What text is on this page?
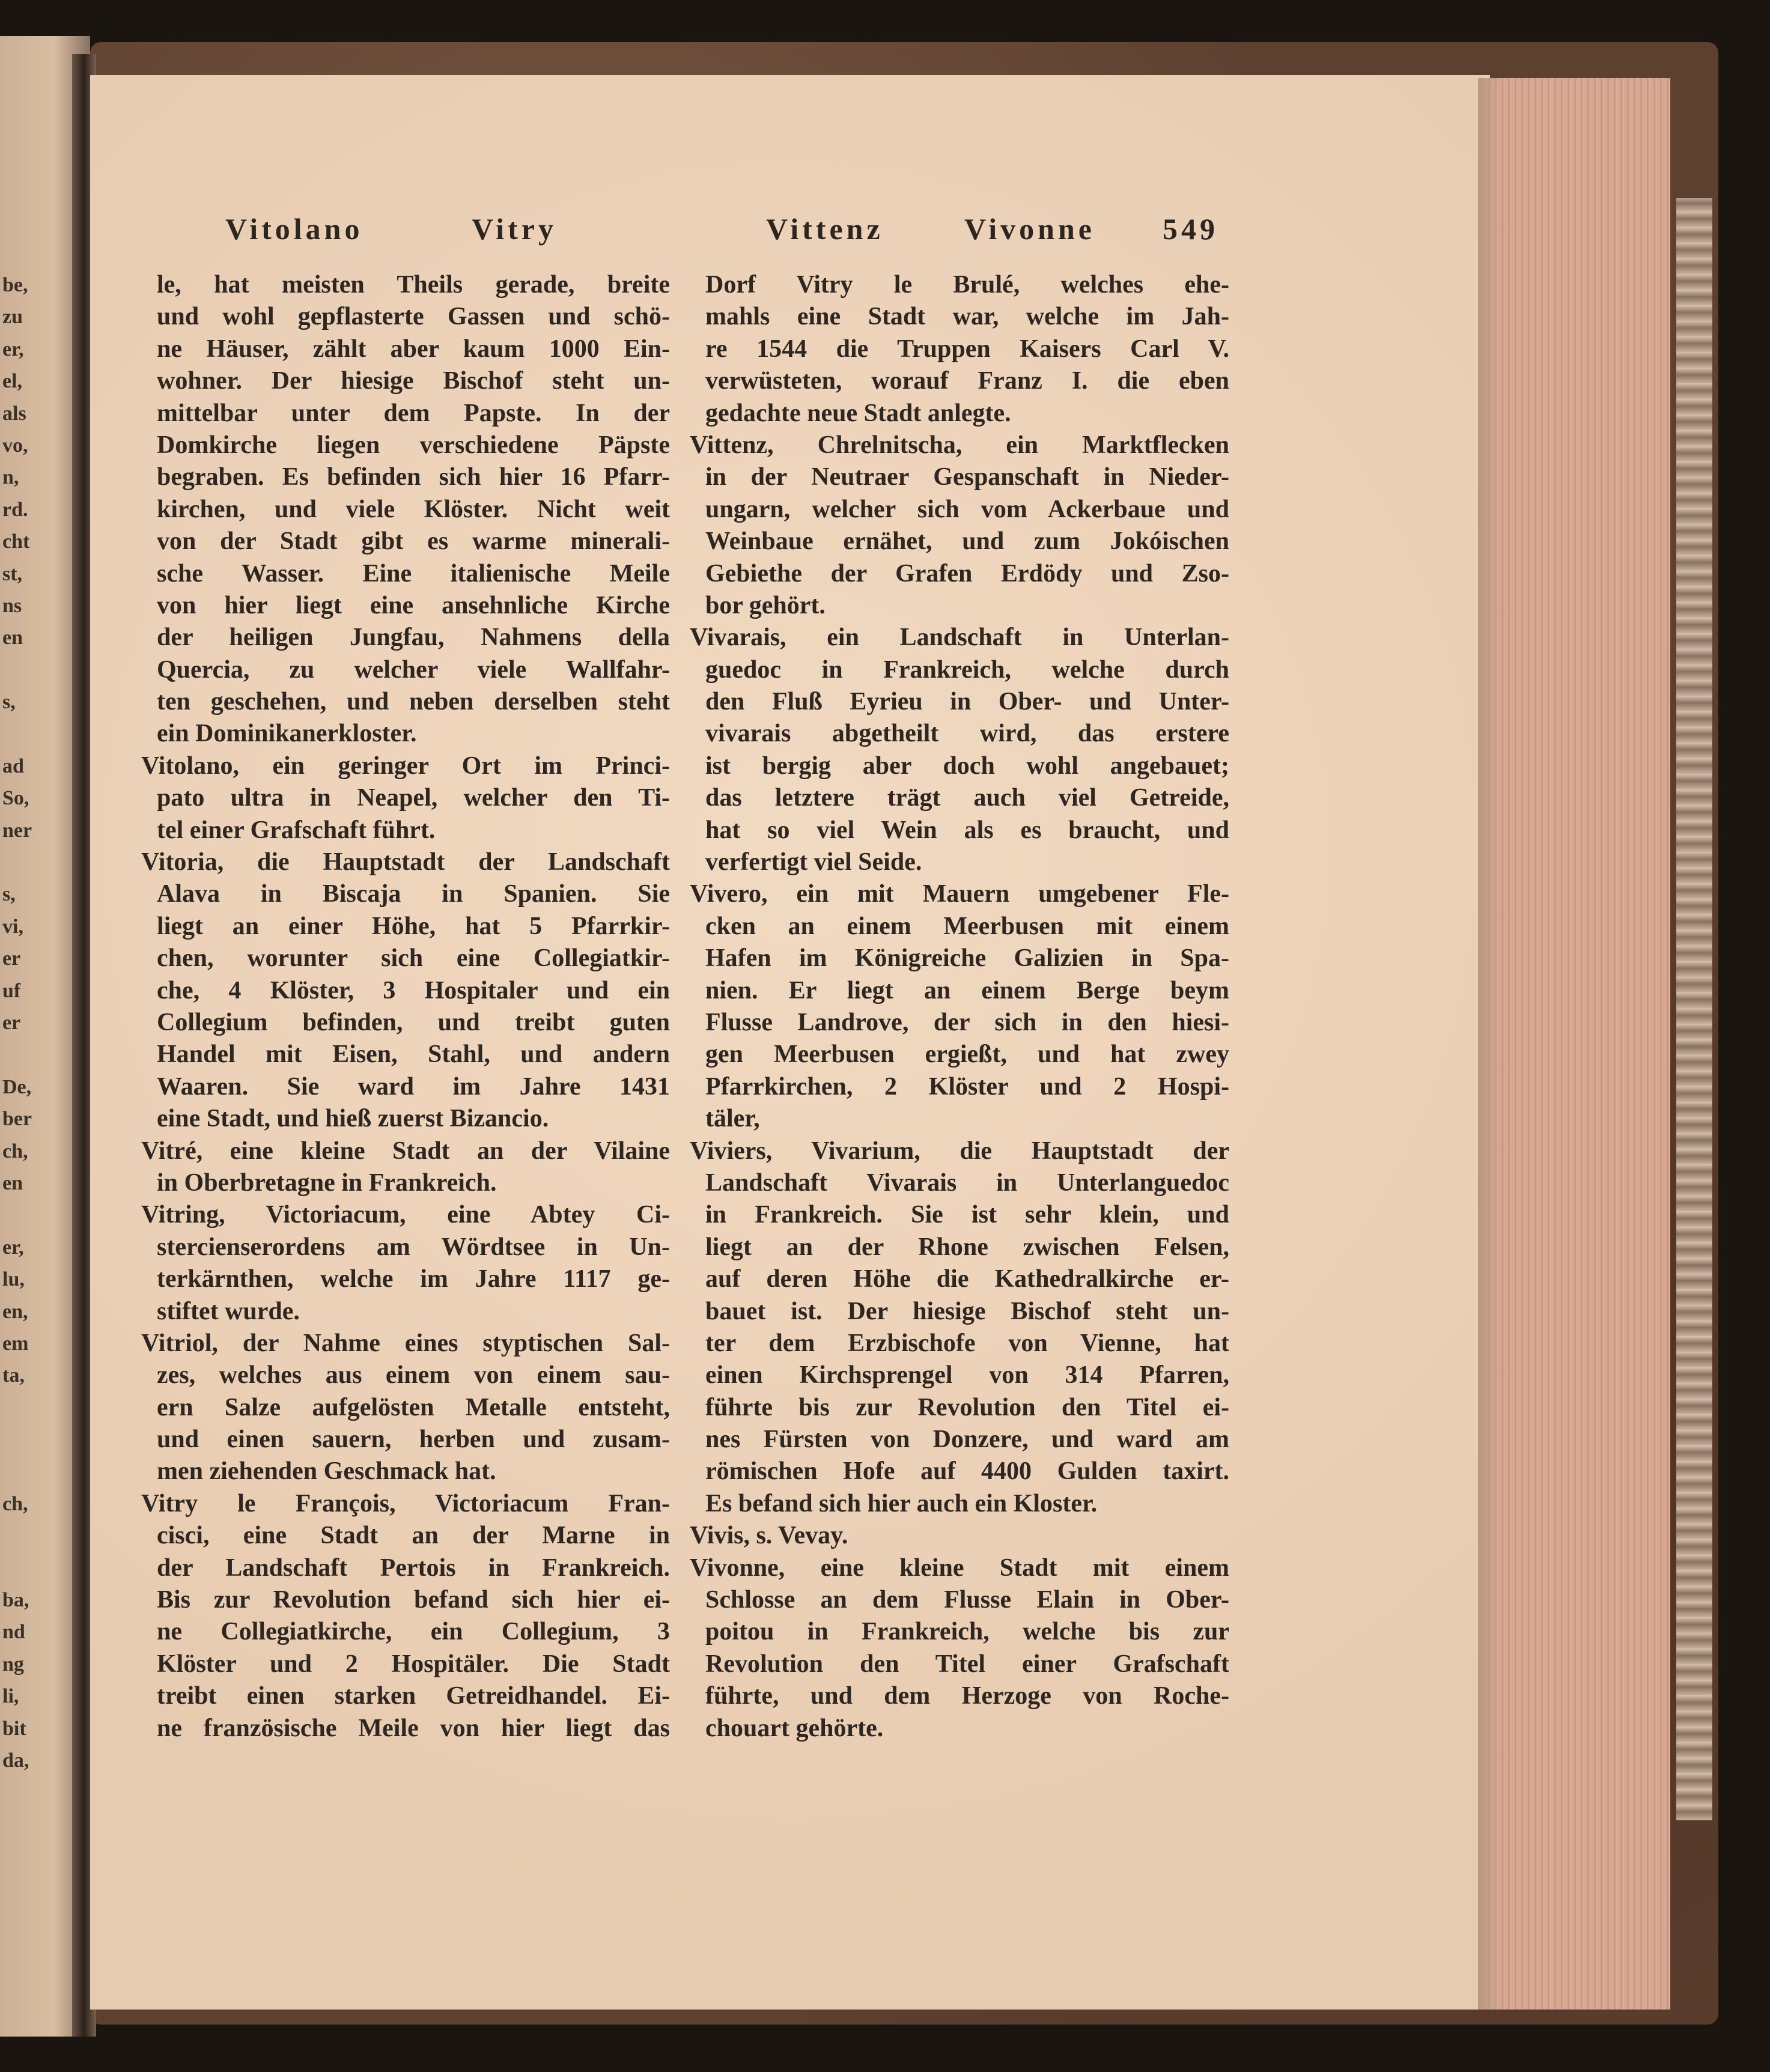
be,
zu
er,
el,
als
vo,
n,
rd.
cht
st,
ns
en
s,
ad
So,
ner
s,
vi,
er
uf
er
De,
ber
ch,
en
er,
lu,
en,
em
ta,
ch,
ba,
nd
ng
li,
bit
da,
Vitolano	Vitry	Vittenz	Vivonne 549
le, hat meisten Theils gerade, breite
und wohl gepflasterte Gassen und schö-
ne Häuser, zählt aber kaum 1000 Ein-
wohner. Der hiesige Bischof steht un-
mittelbar unter dem Papste. In der
Domkirche liegen verschiedene Päpste
begraben. Es befinden sich hier 16 Pfarr-
kirchen, und viele Klöster. Nicht weit
von der Stadt gibt es warme minerali-
sche Wasser. Eine italienische Meile
von hier liegt eine ansehnliche Kirche
der heiligen Jungfau, Nahmens della
Quercia, zu welcher viele Wallfahr-
ten geschehen, und neben derselben steht
ein Dominikanerkloster.
Vitolano, ein geringer Ort im Princi-
pato ultra in Neapel, welcher den Ti-
tel einer Grafschaft führt.
Vitoria, die Hauptstadt der Landschaft
Alava in Biscaja in Spanien. Sie
liegt an einer Höhe, hat 5 Pfarrkir-
chen, worunter sich eine Collegiatkir-
che, 4 Klöster, 3 Hospitaler und ein
Collegium befinden, und treibt guten
Handel mit Eisen, Stahl, und andern
Waaren. Sie ward im Jahre 1431
eine Stadt, und hieß zuerst Bizancio.
Vitré, eine kleine Stadt an der Vilaine
in Oberbretagne in Frankreich.
Vitring, Victoriacum, eine Abtey Ci-
stercienserordens am Wördtsee in Un-
terkärnthen, welche im Jahre 1117 ge-
stiftet wurde.
Vitriol, der Nahme eines styptischen Sal-
zes, welches aus einem von einem sau-
ern Salze aufgelösten Metalle entsteht,
und einen sauern, herben und zusam-
men ziehenden Geschmack hat.
Vitry le François, Victoriacum Fran-
cisci, eine Stadt an der Marne in
der Landschaft Pertois in Frankreich.
Bis zur Revolution befand sich hier ei-
ne Collegiatkirche, ein Collegium, 3
Klöster und 2 Hospitäler. Die Stadt
treibt einen starken Getreidhandel. Ei-
ne französische Meile von hier liegt das
Dorf Vitry le Brulé, welches ehe-
mahls eine Stadt war, welche im Jah-
re 1544 die Truppen Kaisers Carl V.
verwüsteten, worauf Franz I. die eben
gedachte neue Stadt anlegte.
Vittenz, Chrelnitscha, ein Marktflecken
in der Neutraer Gespanschaft in Nieder-
ungarn, welcher sich vom Ackerbaue und
Weinbaue ernähet, und zum Jokóischen
Gebiethe der Grafen Erdödy und Zso-
bor gehört.
Vivarais, ein Landschaft in Unterlan-
guedoc in Frankreich, welche durch
den Fluß Eyrieu in Ober- und Unter-
vivarais abgetheilt wird, das erstere
ist bergig aber doch wohl angebauet;
das letztere trägt auch viel Getreide,
hat so viel Wein als es braucht, und
verfertigt viel Seide.
Vivero, ein mit Mauern umgebener Fle-
cken an einem Meerbusen mit einem
Hafen im Königreiche Galizien in Spa-
nien. Er liegt an einem Berge beym
Flusse Landrove, der sich in den hiesi-
gen Meerbusen ergießt, und hat zwey
Pfarrkirchen, 2 Klöster und 2 Hospi-
täler,
Viviers, Vivarium, die Hauptstadt der
Landschaft Vivarais in Unterlanguedoc
in Frankreich. Sie ist sehr klein, und
liegt an der Rhone zwischen Felsen,
auf deren Höhe die Kathedralkirche er-
bauet ist. Der hiesige Bischof steht un-
ter dem Erzbischofe von Vienne, hat
einen Kirchsprengel von 314 Pfarren,
führte bis zur Revolution den Titel ei-
nes Fürsten von Donzere, und ward am
römischen Hofe auf 4400 Gulden taxirt.
Es befand sich hier auch ein Kloster.
Vivis, s. Vevay.
Vivonne, eine kleine Stadt mit einem
Schlosse an dem Flusse Elain in Ober-
poitou in Frankreich, welche bis zur
Revolution den Titel einer Grafschaft
führte, und dem Herzoge von Roche-
chouart gehörte.
